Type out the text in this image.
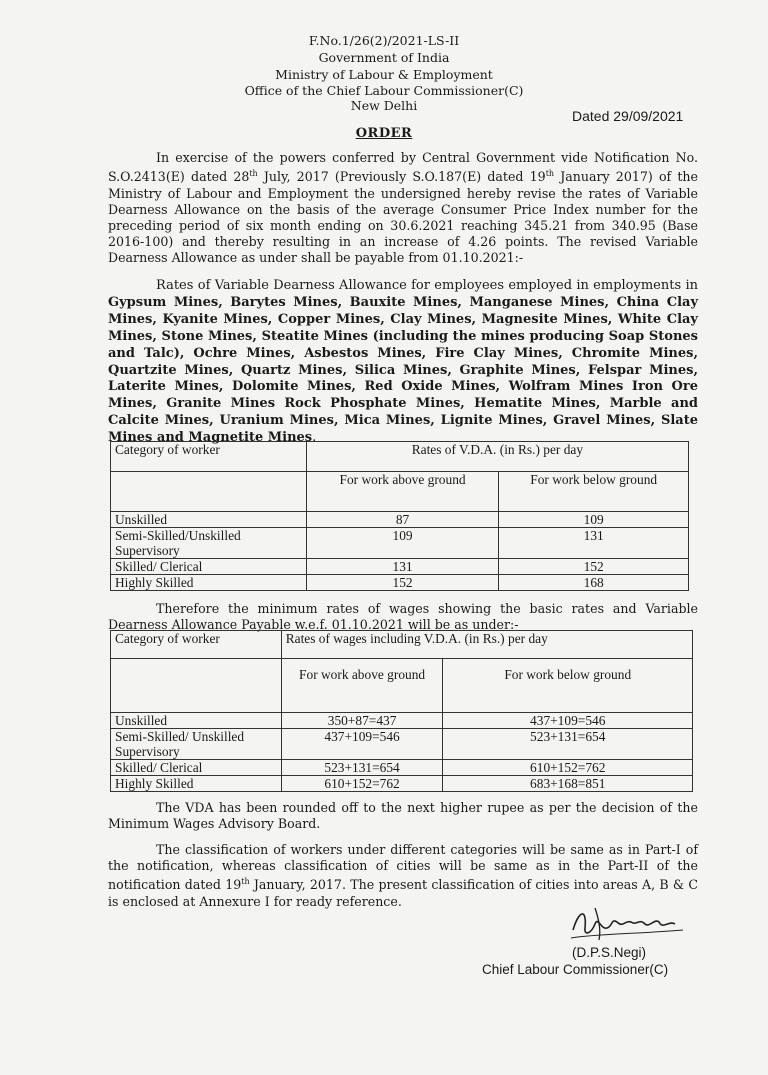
F.No.1/26(2)/2021-LS-II
Government of India
Ministry of Labour & Employment
Office of the Chief Labour Commissioner(C)
New Delhi
Dated 29/09/2021
ORDER
In exercise of the powers conferred by Central Government vide Notification No. S.O.2413(E) dated 28th July, 2017 (Previously S.O.187(E) dated 19th January 2017) of the Ministry of Labour and Employment the undersigned hereby revise the rates of Variable Dearness Allowance on the basis of the average Consumer Price Index number for the preceding period of six month ending on 30.6.2021 reaching 345.21 from 340.95 (Base 2016-100) and thereby resulting in an increase of 4.26 points. The revised Variable Dearness Allowance as under shall be payable from 01.10.2021:-
Rates of Variable Dearness Allowance for employees employed in employments in Gypsum Mines, Barytes Mines, Bauxite Mines, Manganese Mines, China Clay Mines, Kyanite Mines, Copper Mines, Clay Mines, Magnesite Mines, White Clay Mines, Stone Mines, Steatite Mines (including the mines producing Soap Stones and Talc), Ochre Mines, Asbestos Mines, Fire Clay Mines, Chromite Mines, Quartzite Mines, Quartz Mines, Silica Mines, Graphite Mines, Felspar Mines, Laterite Mines, Dolomite Mines, Red Oxide Mines, Wolfram Mines Iron Ore Mines, Granite Mines Rock Phosphate Mines, Hematite Mines, Marble and Calcite Mines, Uranium Mines, Mica Mines, Lignite Mines, Gravel Mines, Slate Mines and Magnetite Mines.
Category of worker	Rates of V.D.A. (in Rs.) per day	
	For work above ground	For work below ground
Unskilled	87	109
Semi-Skilled/Unskilled Supervisory	109	131
Skilled/ Clerical	131	152
Highly Skilled	152	168
Therefore the minimum rates of wages showing the basic rates and Variable Dearness Allowance Payable w.e.f. 01.10.2021 will be as under:-
Category of worker	Rates of wages including V.D.A. (in Rs.) per day	
	For work above ground	For work below ground
Unskilled	350+87=437	437+109=546
Semi-Skilled/ Unskilled Supervisory	437+109=546	523+131=654
Skilled/ Clerical	523+131=654	610+152=762
Highly Skilled	610+152=762	683+168=851
The VDA has been rounded off to the next higher rupee as per the decision of the Minimum Wages Advisory Board.
The classification of workers under different categories will be same as in Part-I of the notification, whereas classification of cities will be same as in the Part-II of the notification dated 19th January, 2017. The present classification of cities into areas A, B & C is enclosed at Annexure I for ready reference.
(D.P.S.Negi)
Chief Labour Commissioner(C)
